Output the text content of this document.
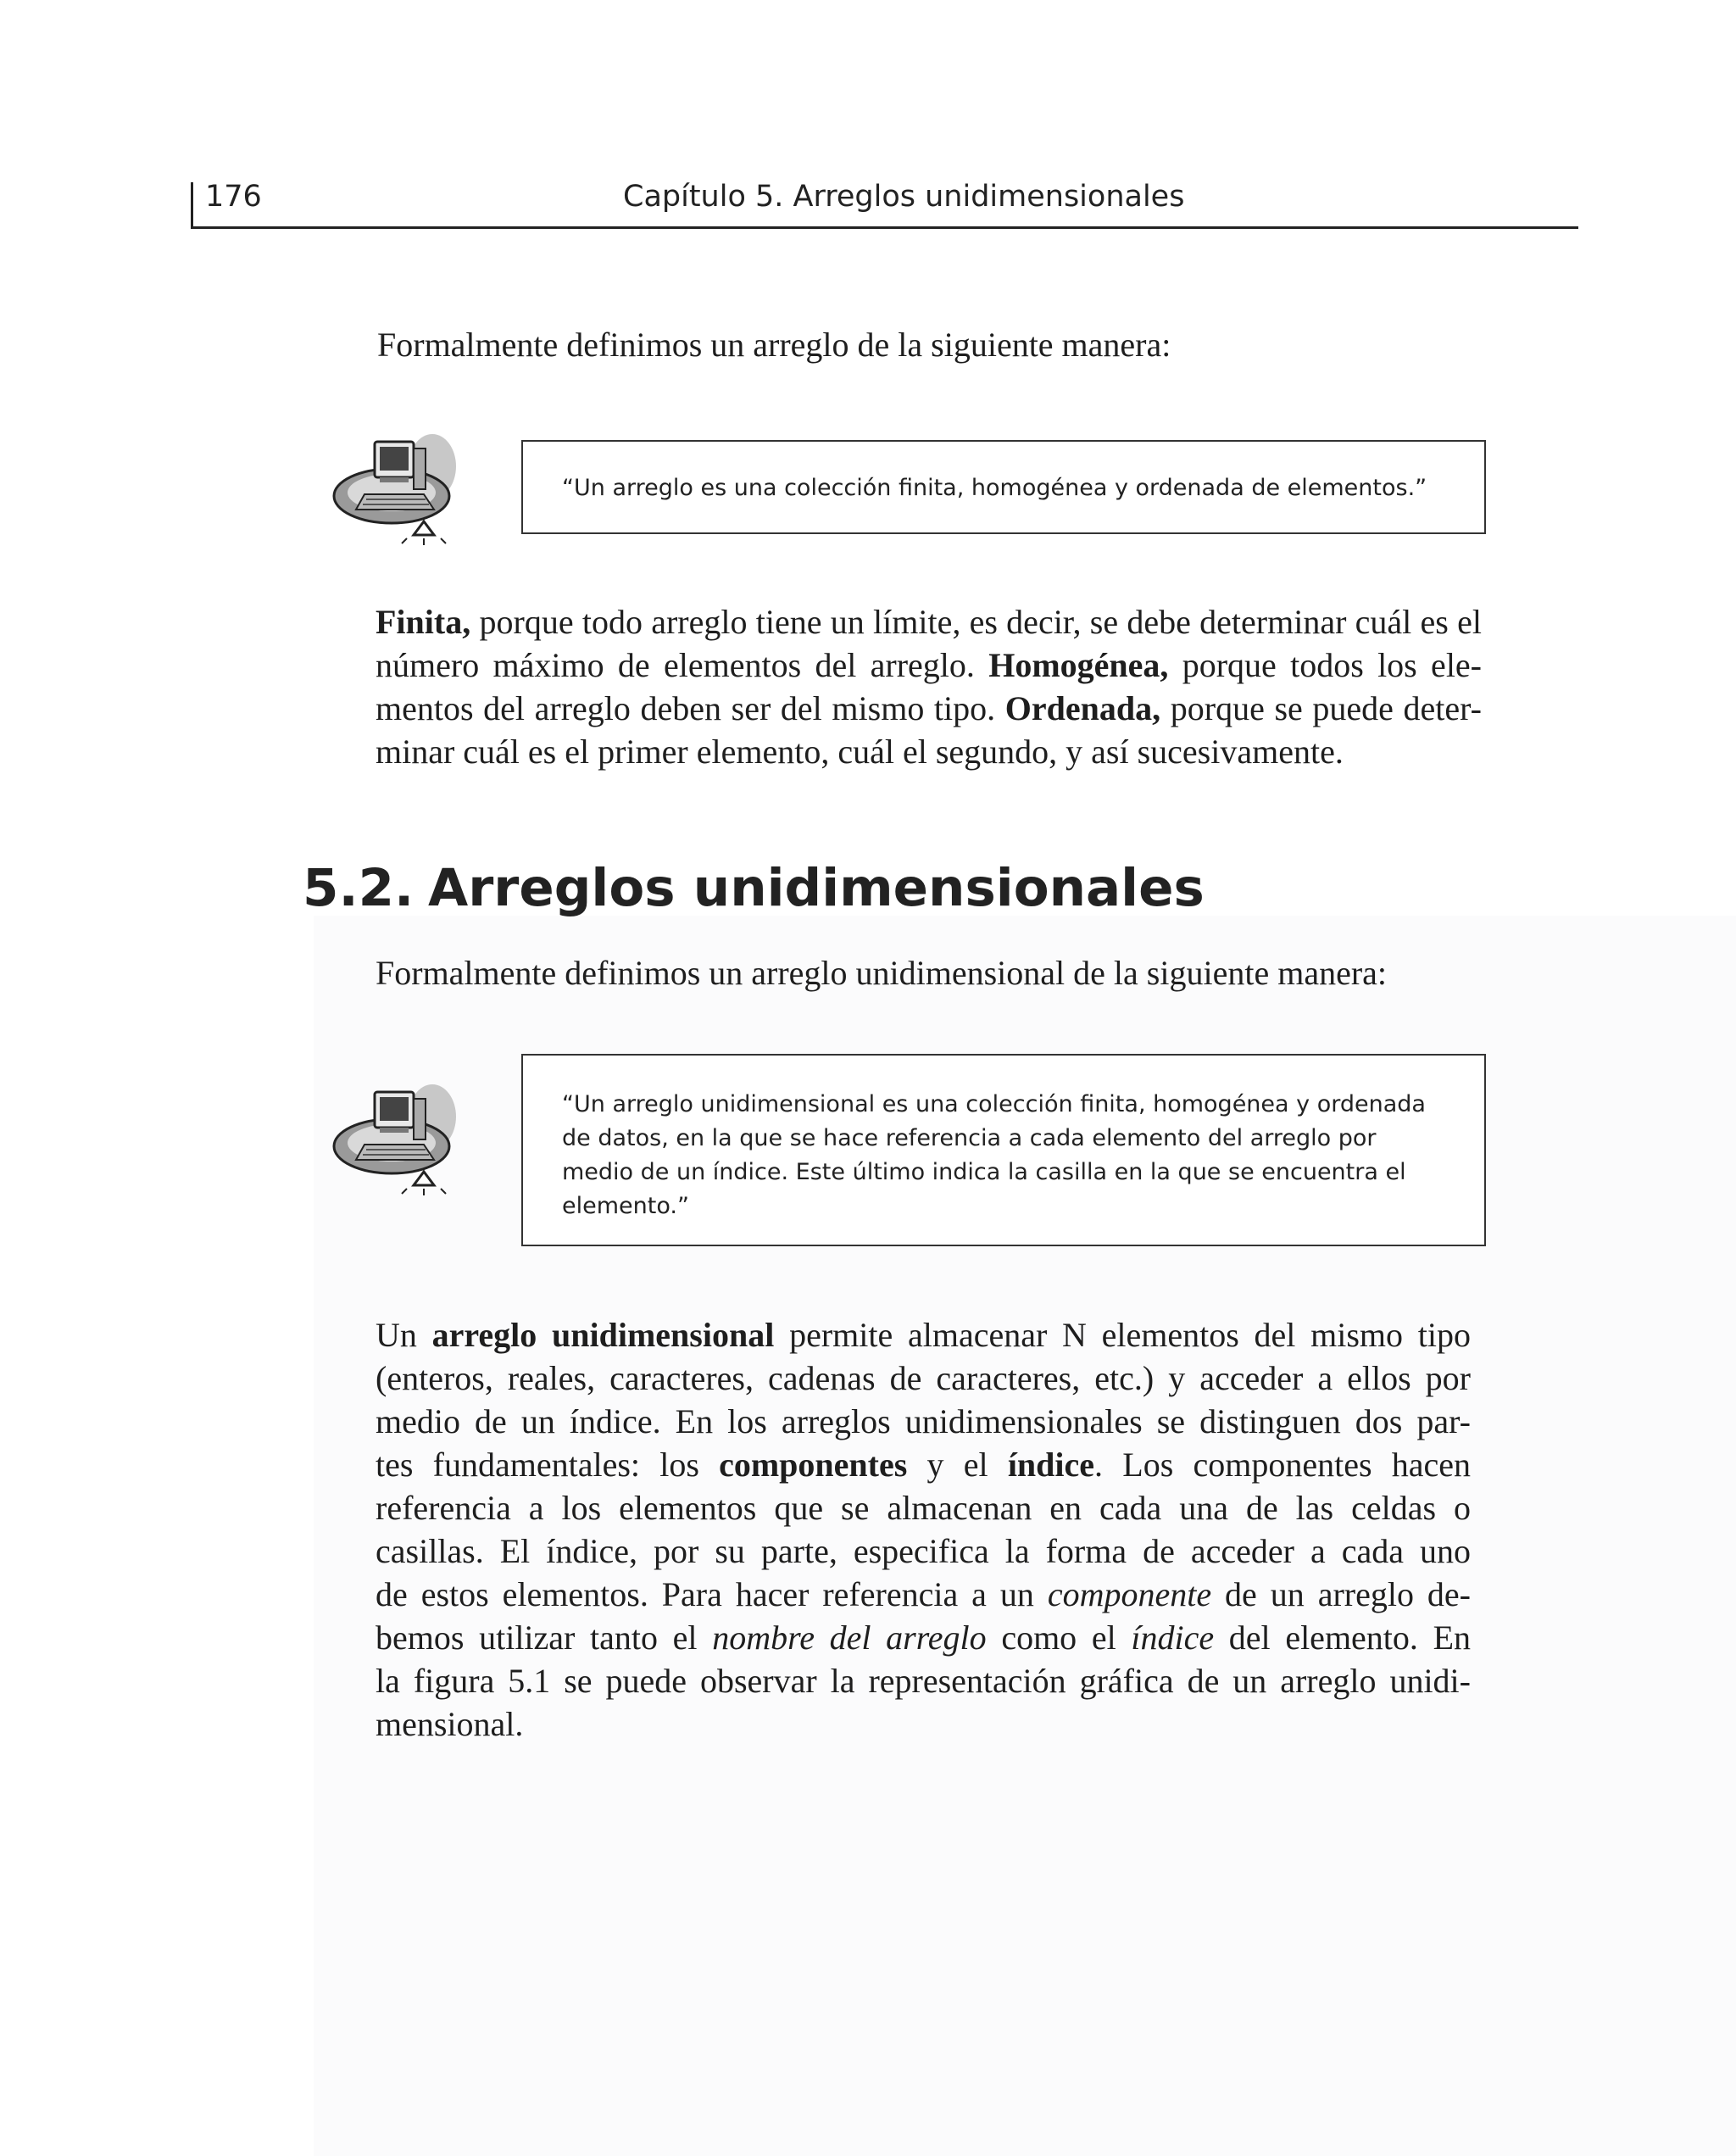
176	Capítulo 5. Arreglos unidimensionales
Formalmente definimos un arreglo de la siguiente manera:
“Un arreglo es una colección finita, homogénea y ordenada de elementos.”
Finita, porque todo arreglo tiene un límite, es decir, se debe determinar cuál es el
número máximo de elementos del arreglo. Homogénea, porque todos los ele-
mentos del arreglo deben ser del mismo tipo. Ordenada, porque se puede deter-
minar cuál es el primer elemento, cuál el segundo, y así sucesivamente.
5.2. Arreglos unidimensionales
Formalmente definimos un arreglo unidimensional de la siguiente manera:
“Un arreglo unidimensional es una colección finita, homogénea y ordenada
de datos, en la que se hace referencia a cada elemento del arreglo por
medio de un índice. Este último indica la casilla en la que se encuentra el
elemento.”
Un arreglo unidimensional permite almacenar N elementos del mismo tipo
(enteros, reales, caracteres, cadenas de caracteres, etc.) y acceder a ellos por
medio de un índice. En los arreglos unidimensionales se distinguen dos par-
tes fundamentales: los componentes y el índice. Los componentes hacen
referencia a los elementos que se almacenan en cada una de las celdas o
casillas. El índice, por su parte, especifica la forma de acceder a cada uno
de estos elementos. Para hacer referencia a un componente de un arreglo de-
bemos utilizar tanto el nombre del arreglo como el índice del elemento. En
la figura 5.1 se puede observar la representación gráfica de un arreglo unidi-
mensional.
